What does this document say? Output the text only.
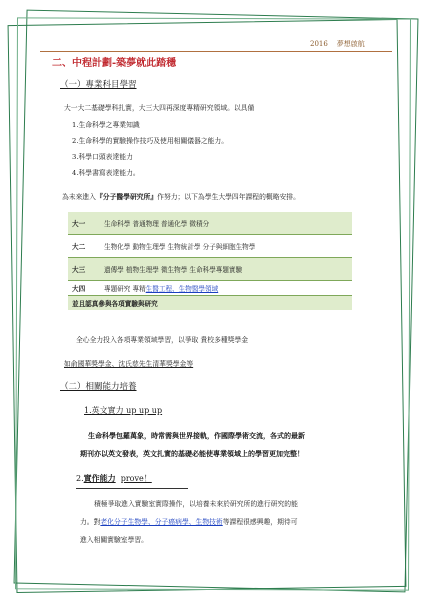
2016 夢想啟航
二、中程計劃-築夢就此踏穩
（一）專業科目學習
大一大二基礎學科扎實，大三大四再深度專精研究領域。以具備
1.生命科學之專業知識
2.生命科學的實驗操作技巧及使用相關儀器之能力。
3.科學口頭表達能力
4.科學書寫表達能力。
為未來進入『分子醫學研究所』作努力；以下為學生大學四年課程的概略安排。
大一	生命科學 普通物理 普通化學 微積分
大二	生物化學 動物生理學 生物統計學 分子與細胞生物學
大三	遺傳學 植物生理學 微生物學 生命科學專題實驗
大四	專題研究 專精生醫工程、生物醫學領域
並且認真參與各項實驗與研究
全心全力投入各項專業領域學習，以爭取 貴校多種獎學金
如俞國華獎學金、沈氏慈先生清華獎學金等
（二）相關能力培養
1.英文實力 up up up
生命科學包羅萬象，時常需與世界接軌，作國際學術交流，各式的最新
期刊亦以英文發表，英文扎實的基礎必能使專業領域上的學習更加完整！
2.實作能力 prove！
積極爭取進入實驗室實際操作，以培養未來於研究所的進行研究的能
力。對老化分子生物學、分子癌病學、生物技術等課程很感興趣，期待可
進入相關實驗室學習。
